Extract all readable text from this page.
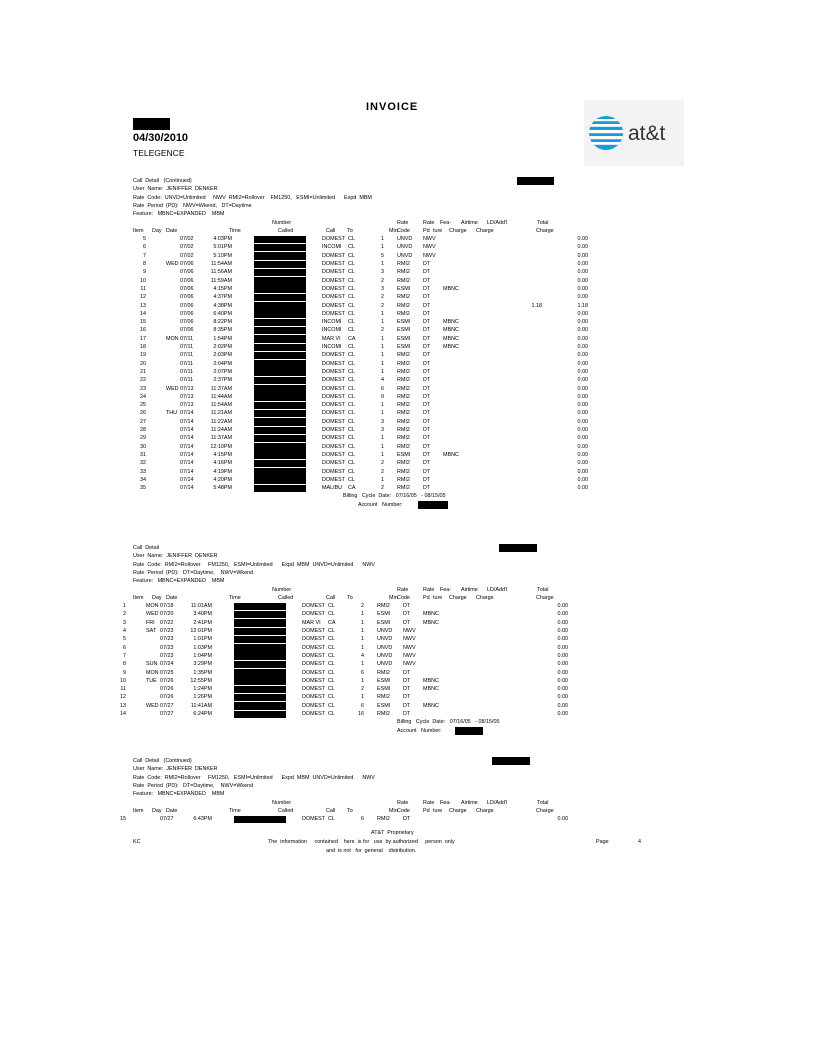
INVOICE
04/30/2010
TELEGENCE
at&t
Call  Detail   (Continued)
User  Name:  JENIFFER  DENKER
Rate  Code:  UNVD=Unlimited     NWV  RMI2=Rollover    FM1250,   ESMI=Unlimited      Expd  MBM
Rate  Period  (PD):   NWV=Wkend,   DT=Daytime
Feature:   MBNC=EXPANDED    MBM
Number	Rate	Rate Fea- Airtime LD/Add'l	Total
Item Day Date	Time	Called	Call To	Min Code Pd ture Charge Charge	Charge
5	07/02	4:03PM	DOMEST CL	1 UNVD NWV	0.00
6	07/02	5:01PM	INCOMI CL	1 UNVD NWV	0.00
7	07/02	5:10PM	DOMEST CL	5 UNVD NWV	0.00
8	WED 07/06	11:54AM	DOMEST CL	1 RMI2 DT	0.00
9	07/06	11:56AM	DOMEST CL	3 RMI2 DT	0.00
10	07/06	11:59AM	DOMEST CL	2 RMI2 DT	0.00
11	07/06	4:15PM	DOMEST CL	3 ESMI DT MBNC	0.00
12	07/06	4:37PM	DOMEST CL	2 RMI2 DT	0.00
13	07/06	4:38PM	DOMEST CL	2 RMI2 DT	1.18	1.18
14	07/06	6:40PM	DOMEST CL	1 RMI2 DT	0.00
15	07/06	8:22PM	INCOMI CL	1 ESMI DT MBNC	0.00
16	07/06	8:35PM	INCOMI CL	2 ESMI DT MBNC	0.00
17	MON 07/11	1:54PM	MAR VI CA	1 ESMI DT MBNC	0.00
18	07/11	2:02PM	INCOMI CL	1 ESMI DT MBNC	0.00
19	07/11	2:03PM	DOMEST CL	1 RMI2 DT	0.00
20	07/11	2:04PM	DOMEST CL	1 RMI2 DT	0.00
21	07/11	2:07PM	DOMEST CL	1 RMI2 DT	0.00
22	07/11	2:37PM	DOMEST CL	4 RMI2 DT	0.00
23	WED 07/13	11:37AM	DOMEST CL	6 RMI2 DT	0.00
24	07/13	11:44AM	DOMEST CL	9 RMI2 DT	0.00
25	07/13	11:54AM	DOMEST CL	1 RMI2 DT	0.00
26	THU 07/14	11:21AM	DOMEST CL	1 RMI2 DT	0.00
27	07/14	11:22AM	DOMEST CL	3 RMI2 DT	0.00
28	07/14	11:24AM	DOMEST CL	3 RMI2 DT	0.00
29	07/14	11:37AM	DOMEST CL	1 RMI2 DT	0.00
30	07/14	12:10PM	DOMEST CL	1 RMI2 DT	0.00
31	07/14	4:15PM	DOMEST CL	1 ESMI DT MBNC	0.00
32	07/14	4:16PM	DOMEST CL	2 RMI2 DT	0.00
33	07/14	4:19PM	DOMEST CL	2 RMI2 DT	0.00
34	07/14	4:20PM	DOMEST CL	1 RMI2 DT	0.00
35	07/14	5:48PM	MALIBU CA	2 RMI2 DT	0.00
Billing   Cycle  Date:   07/16/05   - 08/15/05
Account   Number:
Call  Detail
User  Name:  JENIFFER  DENKER
Rate  Code:  RMI2=Rollover     FM1250,   ESMI=Unlimited      Expd  MBM  UNVD=Unlimited      NWV
Rate  Period  (PD):   DT=Daytime,    NWV=Wkend
Feature:   MBNC=EXPANDED    MBM
Number	Rate	Rate Fea- Airtime LD/Add'l	Total
Item Day Date	Time	Called	Call To	Min Code Pd ture Charge Charge	Charge
1	MON 07/18	11:01AM	DOMEST CL	2 RMI2 DT	0.00
2	WED 07/20	3:40PM	DOMEST CL	1 ESMI DT MBNC	0.00
3	FRI 07/22	2:41PM	MAR VI CA	1 ESMI DT MBNC	0.00
4	SAT 07/23	12:01PM	DOMEST CL	1 UNVD NWV	0.00
5	07/23	1:01PM	DOMEST CL	1 UNVD NWV	0.00
6	07/23	1:03PM	DOMEST CL	1 UNVD NWV	0.00
7	07/23	1:04PM	DOMEST CL	4 UNVD NWV	0.00
8	SUN 07/24	3:29PM	DOMEST CL	1 UNVD NWV	0.00
9	MON 07/25	1:35PM	DOMEST CL	6 RMI2 DT	0.00
10	TUE 07/26	12:55PM	DOMEST CL	1 ESMI DT MBNC	0.00
11	07/26	1:24PM	DOMEST CL	2 ESMI DT MBNC	0.00
12	07/26	1:26PM	DOMEST CL	1 RMI2 DT	0.00
13	WED 07/27	11:41AM	DOMEST CL	6 ESMI DT MBNC	0.00
14	07/27	6:24PM	DOMEST CL	16 RMI2 DT	0.00
Billing   Cycle  Date:   07/16/05   - 08/15/05
Account   Number:
Call  Detail   (Continued)
User  Name:  JENIFFER  DENKER
Rate  Code:  RMI2=Rollover     FM1250,   ESMI=Unlimited      Expd  MBM  UNVD=Unlimited      NWV
Rate  Period  (PD):   DT=Daytime,    NWV=Wkend
Feature:   MBNC=EXPANDED    MBM
Number	Rate	Rate Fea- Airtime LD/Add'l	Total
Item Day Date	Time	Called	Call To	Min Code Pd ture Charge Charge	Charge
15	07/27	6:43PM	DOMEST CL	6 RMI2 DT	0.00
AT&T  Proprietary
KC	The  information     contained    here  is for   use  by authorized     person  only
and  is not   for  general    distribution.
Page	4
